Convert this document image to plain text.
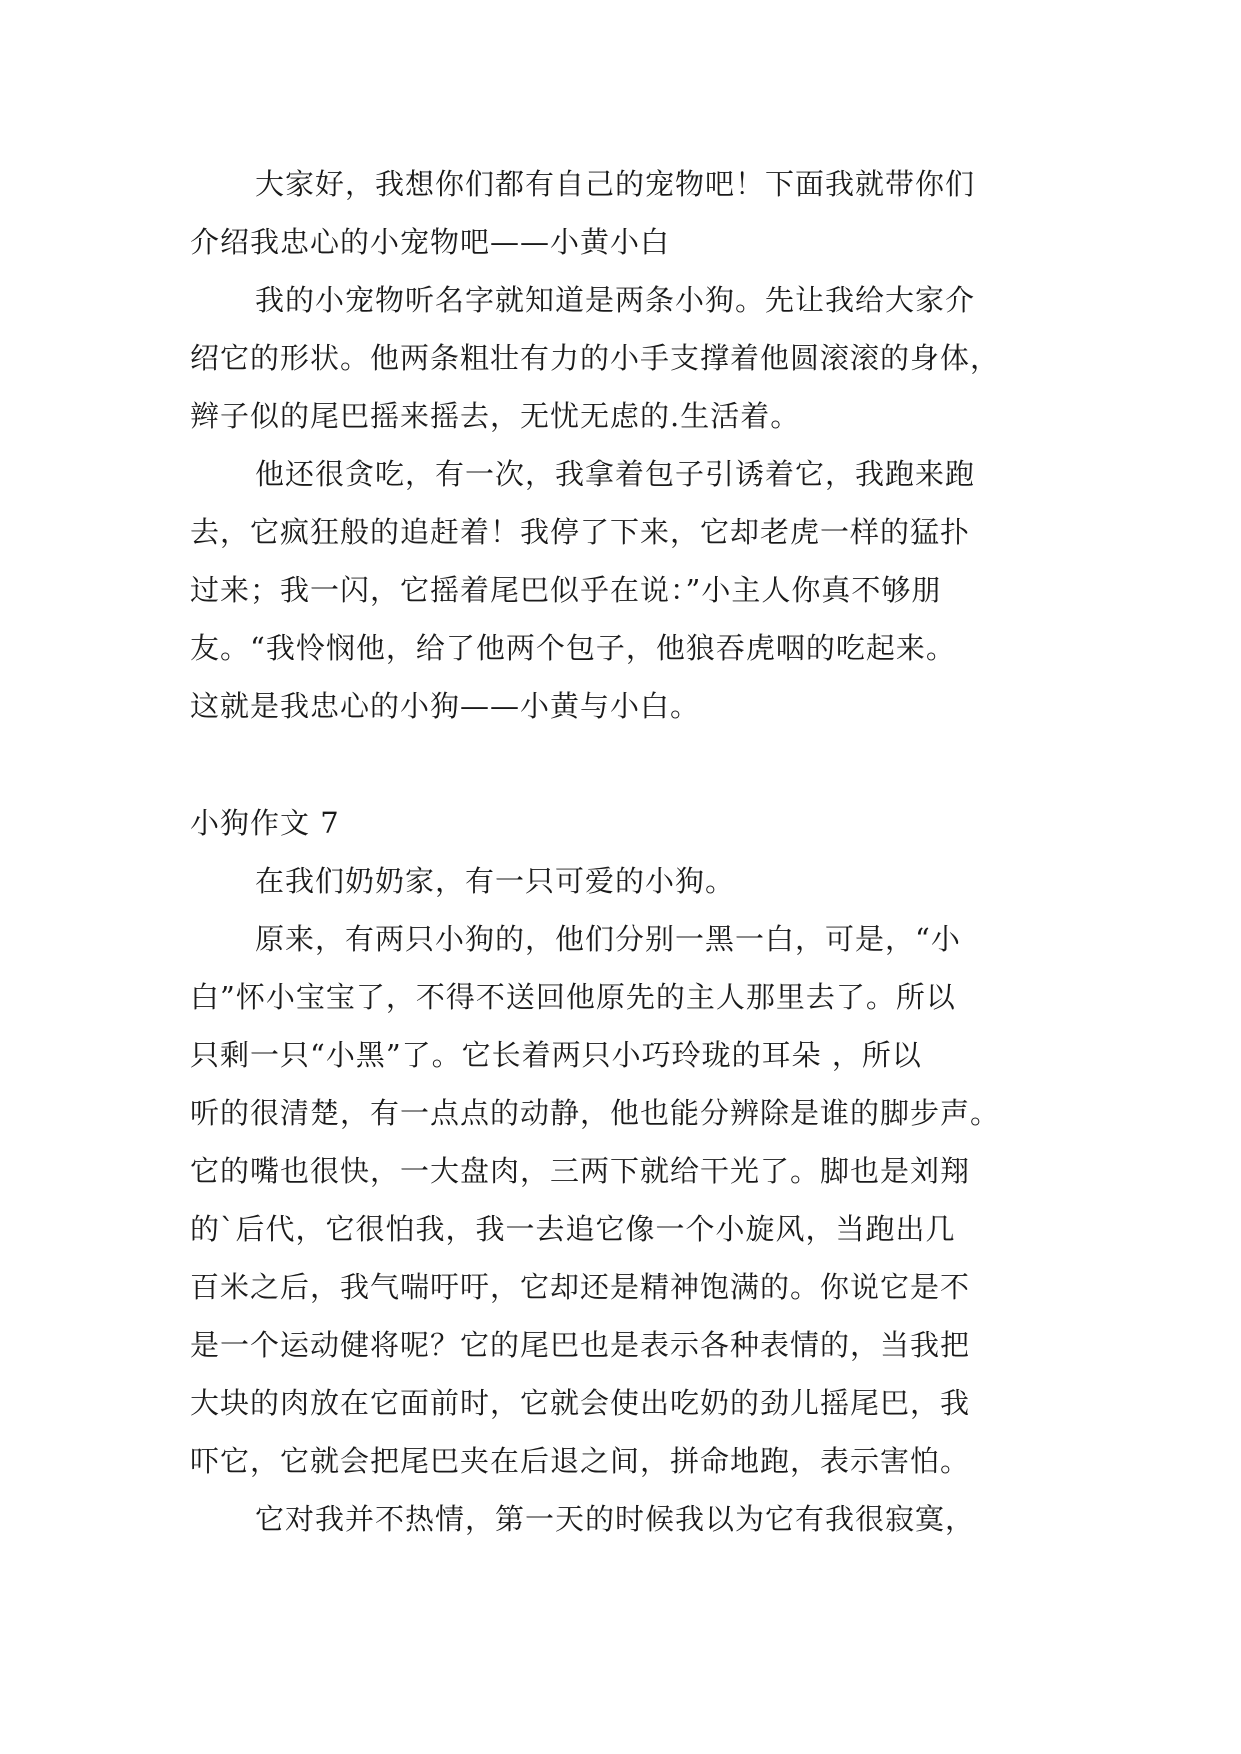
大家好，我想你们都有自己的宠物吧！下面我就带你们
介绍我忠心的小宠物吧——小黄小白
我的小宠物听名字就知道是两条小狗。先让我给大家介
绍它的形状。他两条粗壮有力的小手支撑着他圆滚滚的身体，
辫子似的尾巴摇来摇去，无忧无虑的.生活着。
他还很贪吃，有一次，我拿着包子引诱着它，我跑来跑
去，它疯狂般的追赶着！我停了下来，它却老虎一样的猛扑
过来；我一闪，它摇着尾巴似乎在说：”小主人你真不够朋
友。“我怜悯他，给了他两个包子，他狼吞虎咽的吃起来。
这就是我忠心的小狗——小黄与小白。
小狗作文 7
在我们奶奶家，有一只可爱的小狗。
原来，有两只小狗的，他们分别一黑一白，可是，“小
白”怀小宝宝了，不得不送回他原先的主人那里去了。所以
只剩一只“小黑”了。它长着两只小巧玲珑的耳朵 ，所以
听的很清楚，有一点点的动静，他也能分辨除是谁的脚步声。
它的嘴也很快，一大盘肉，三两下就给干光了。脚也是刘翔
的`后代，它很怕我，我一去追它像一个小旋风，当跑出几
百米之后，我气喘吁吁，它却还是精神饱满的。你说它是不
是一个运动健将呢？它的尾巴也是表示各种表情的，当我把
大块的肉放在它面前时，它就会使出吃奶的劲儿摇尾巴，我
吓它，它就会把尾巴夹在后退之间，拼命地跑，表示害怕。
它对我并不热情，第一天的时候我以为它有我很寂寞，
